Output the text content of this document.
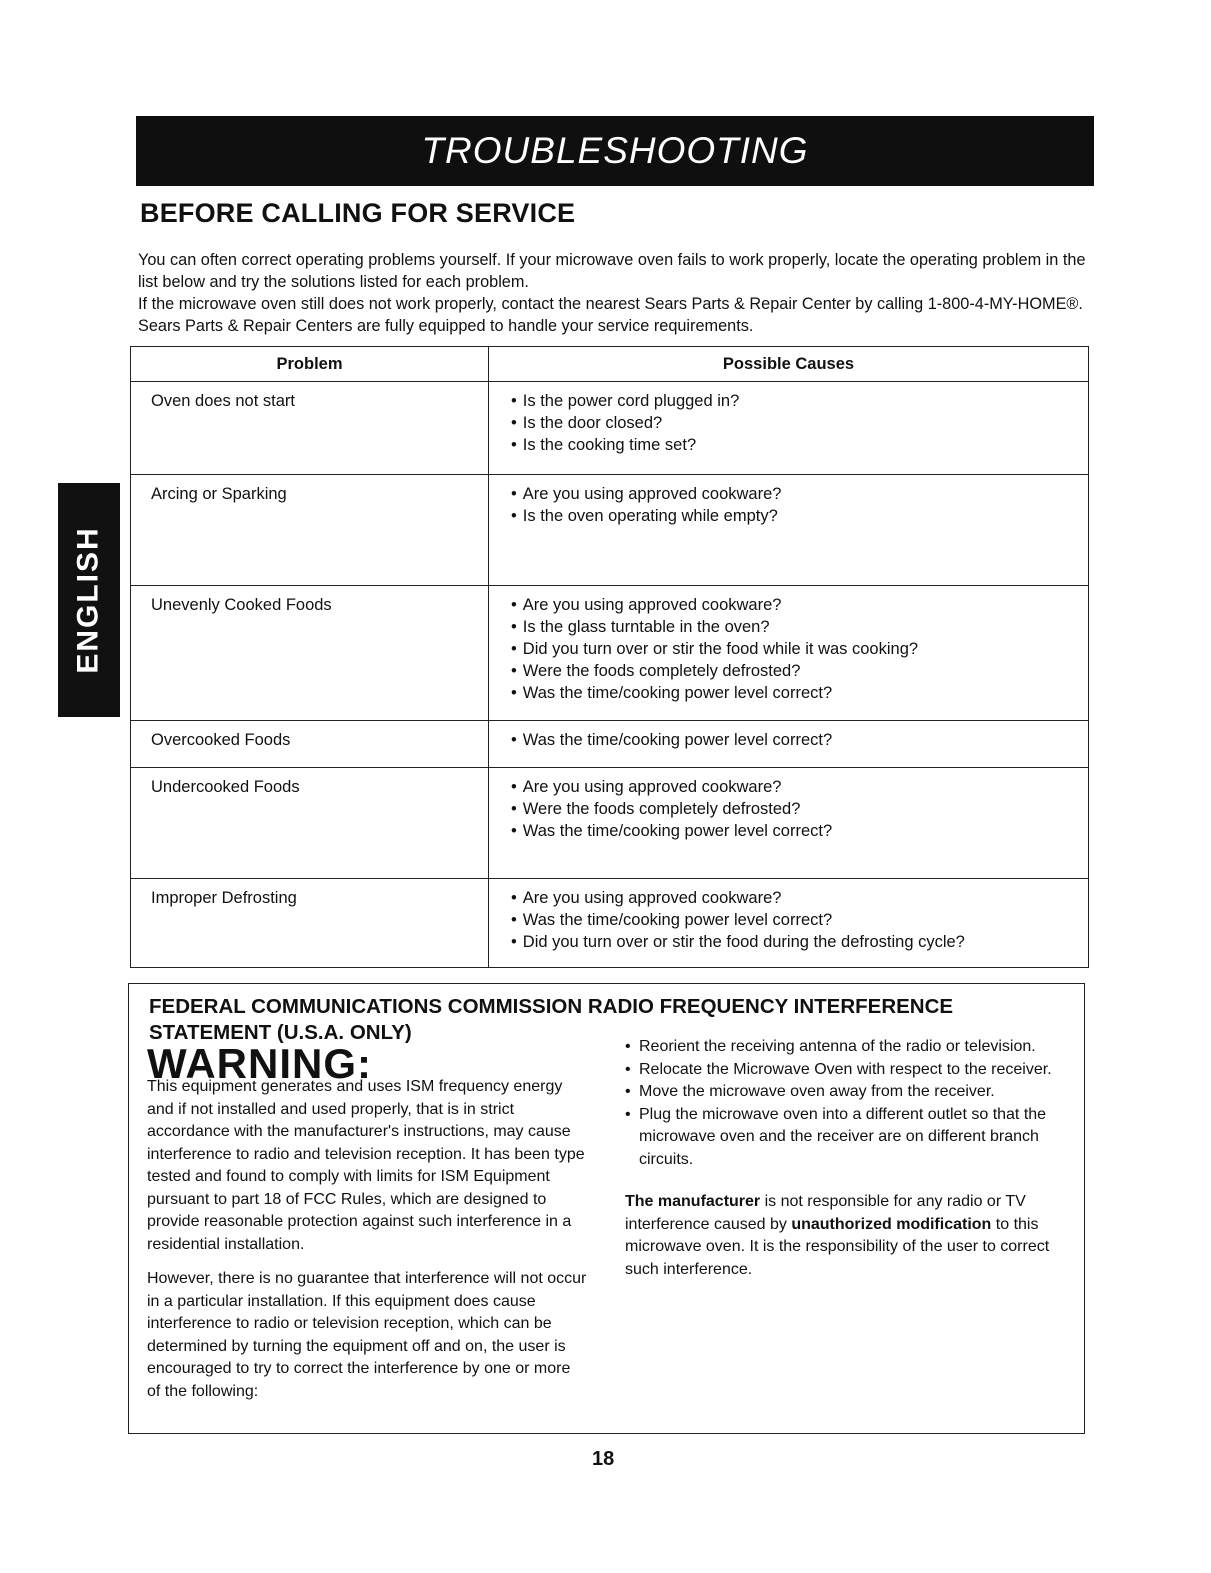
TROUBLESHOOTING
ENGLISH
BEFORE CALLING FOR SERVICE

You can often correct operating problems yourself. If your microwave oven fails to work properly, locate the operating problem in the list below and try the solutions listed for each problem.

If the microwave oven still does not work properly, contact the nearest Sears Parts & Repair Center by calling 1-800-4-MY-HOME®. Sears Parts & Repair Centers are fully equipped to handle your service requirements.

Problem	Possible Causes
Oven does not start	• Is the power cord plugged in?
• Is the door closed?
• Is the cooking time set?

Arcing or Sparking	• Are you using approved cookware?
• Is the oven operating while empty?

Unevenly Cooked Foods	• Are you using approved cookware?
• Is the glass turntable in the oven?
• Did you turn over or stir the food while it was cooking?
• Were the foods completely defrosted?
• Was the time/cooking power level correct?

Overcooked Foods	• Was the time/cooking power level correct?

Undercooked Foods	• Are you using approved cookware?
• Were the foods completely defrosted?
• Was the time/cooking power level correct?

Improper Defrosting	• Are you using approved cookware?
• Was the time/cooking power level correct?
• Did you turn over or stir the food during the defrosting cycle?
FEDERAL COMMUNICATIONS COMMISSION RADIO FREQUENCY INTERFERENCE
STATEMENT (U.S.A. ONLY)
WARNING:

This equipment generates and uses ISM frequency energy and if not installed and used properly, that is in strict accordance with the manufacturer's instructions, may cause interference to radio and television reception. It has been type tested and found to comply with limits for ISM Equipment pursuant to part 18 of FCC Rules, which are designed to provide reasonable protection against such interference in a residential installation.

However, there is no guarantee that interference will not occur in a particular installation. If this equipment does cause interference to radio or television reception, which can be determined by turning the equipment off and on, the user is encouraged to try to correct the interference by one or more of the following:

• Reorient the receiving antenna of the radio or television.
• Relocate the Microwave Oven with respect to the receiver.
• Move the microwave oven away from the receiver.
• Plug the microwave oven into a different outlet so that the microwave oven and the receiver are on different branch circuits.

The manufacturer is not responsible for any radio or TV interference caused by unauthorized modification to this microwave oven. It is the responsibility of the user to correct such interference.

18
